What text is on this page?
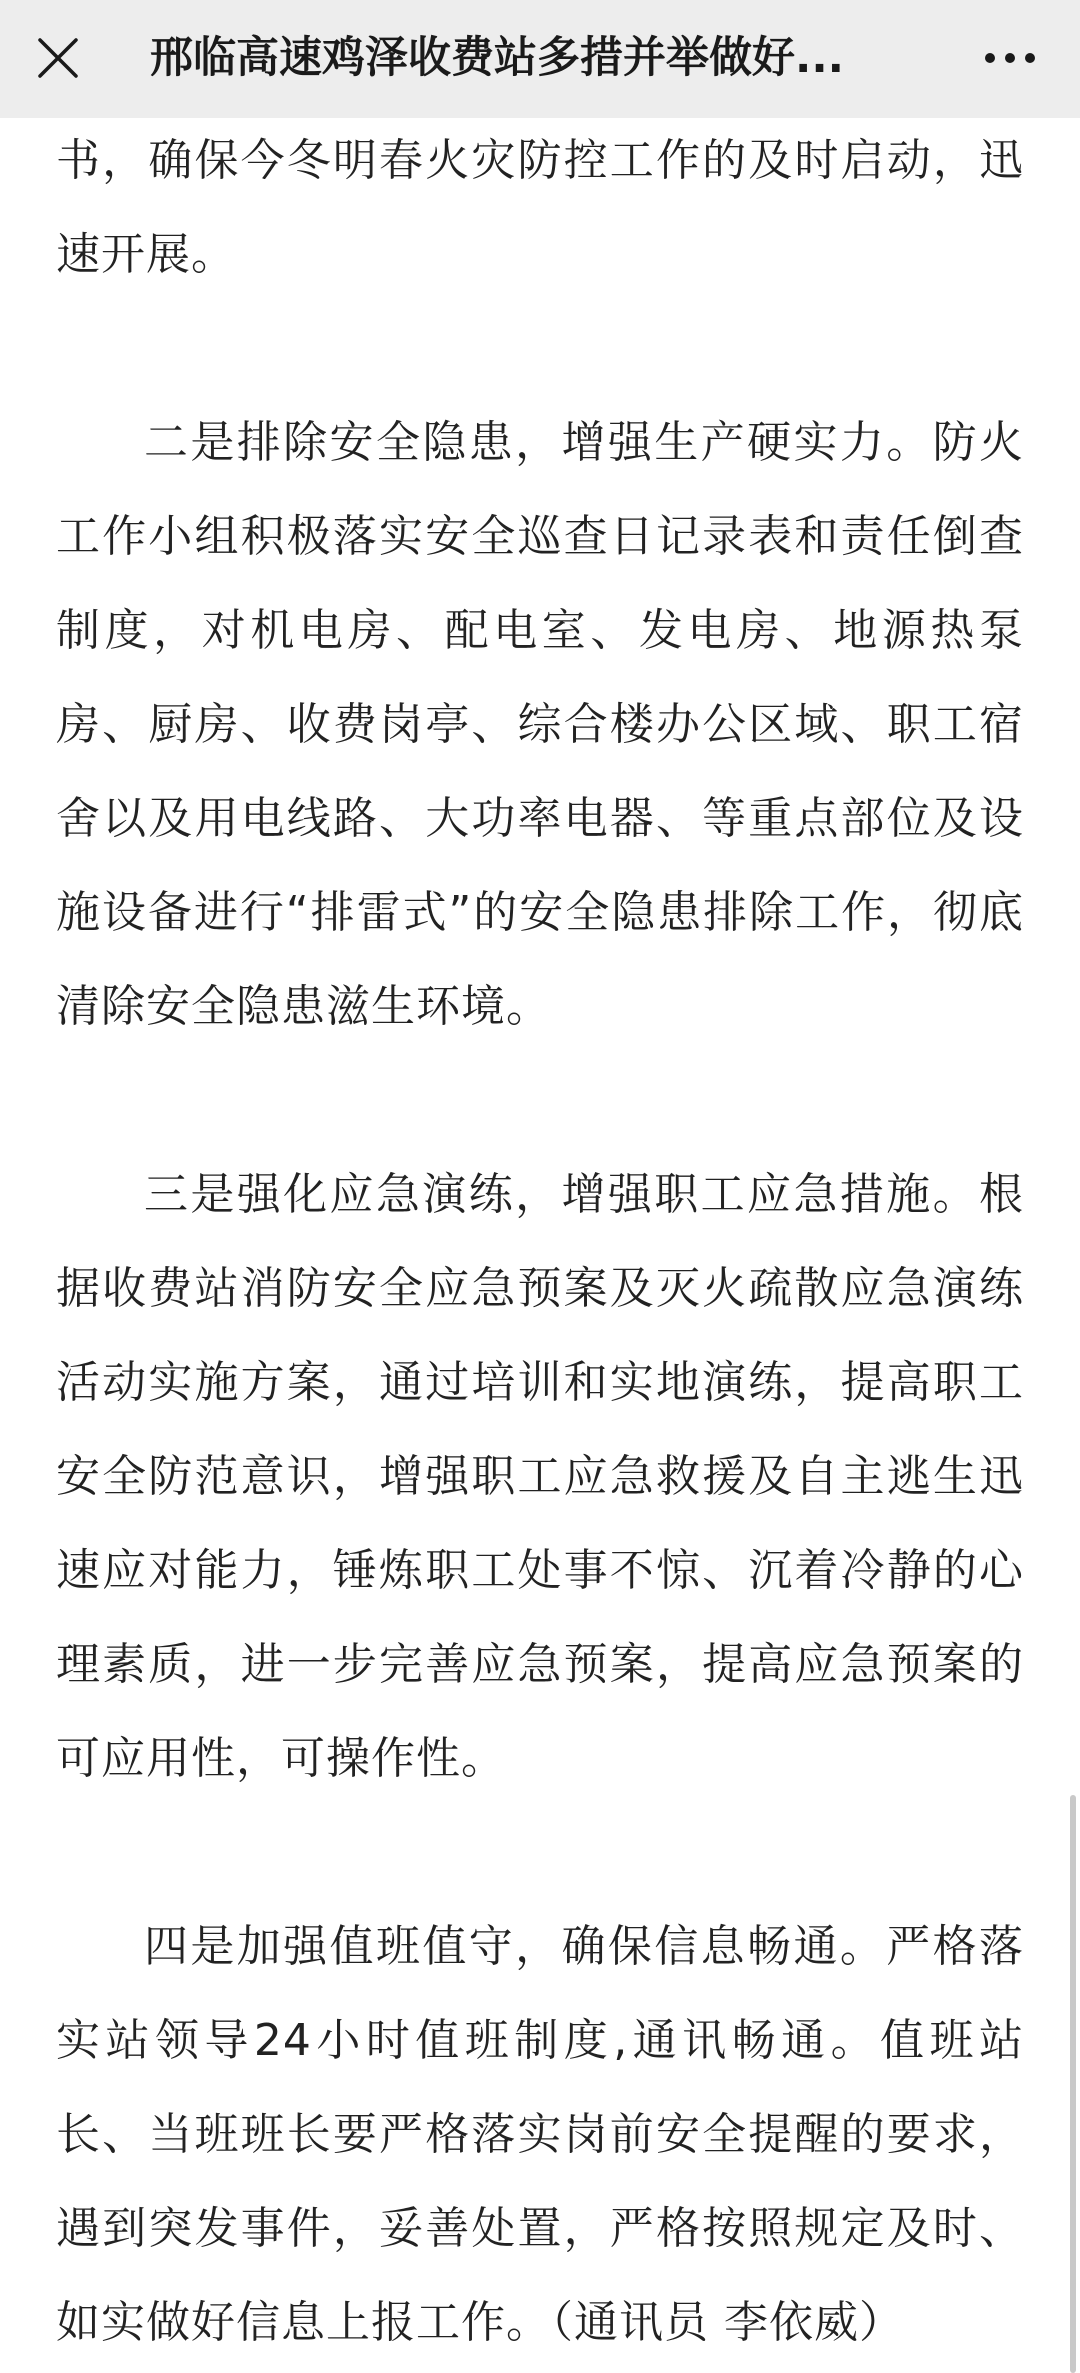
邢临高速鸡泽收费站多措并举做好...

书，确保今冬明春火灾防控工作的及时启动，迅速开展。

二是排除安全隐患，增强生产硬实力。防火工作小组积极落实安全巡查日记录表和责任倒查制度，对机电房、配电室、发电房、地源热泵房、厨房、收费岗亭、综合楼办公区域、职工宿舍以及用电线路、大功率电器、等重点部位及设施设备进行“排雷式”的安全隐患排除工作，彻底清除安全隐患滋生环境。

三是强化应急演练，增强职工应急措施。根据收费站消防安全应急预案及灭火疏散应急演练活动实施方案，通过培训和实地演练，提高职工安全防范意识，增强职工应急救援及自主逃生迅速应对能力，锤炼职工处事不惊、沉着冷静的心理素质，进一步完善应急预案，提高应急预案的可应用性，可操作性。

四是加强值班值守，确保信息畅通。严格落实站领导24小时值班制度,通讯畅通。值班站长、当班班长要严格落实岗前安全提醒的要求，遇到突发事件，妥善处置，严格按照规定及时、如实做好信息上报工作。（通讯员 李依威）
